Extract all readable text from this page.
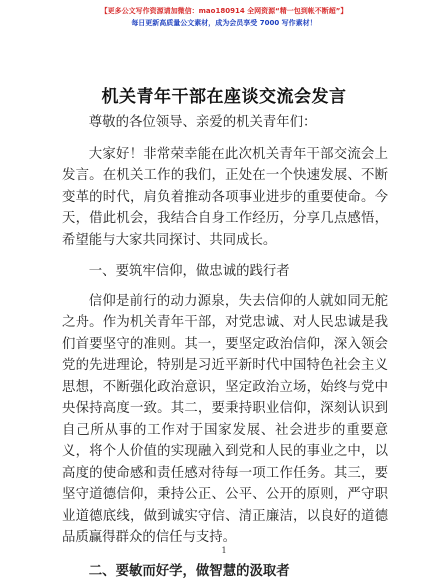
【更多公文写作资源请加微信：mao180914 全网资源“精一包到帐不断超”】
每日更新高质量公文素材，成为会员享受 7000 写作素材！
机关青年干部在座谈交流会发言

尊敬的各位领导、亲爱的机关青年们：

大家好！非常荣幸能在此次机关青年干部交流会上发言。在机关工作的我们，正处在一个快速发展、不断变革的时代，肩负着推动各项事业进步的重要使命。今天，借此机会，我结合自身工作经历，分享几点感悟，希望能与大家共同探讨、共同成长。

一、要筑牢信仰，做忠诚的践行者

信仰是前行的动力源泉，失去信仰的人就如同无舵之舟。作为机关青年干部，对党忠诚、对人民忠诚是我们首要坚守的准则。其一，要坚定政治信仰，深入领会党的先进理论，特别是习近平新时代中国特色社会主义思想，不断强化政治意识，坚定政治立场，始终与党中央保持高度一致。其二，要秉持职业信仰，深刻认识到自己所从事的工作对于国家发展、社会进步的重要意义，将个人价值的实现融入到党和人民的事业之中，以高度的使命感和责任感对待每一项工作任务。其三，要坚守道德信仰，秉持公正、公平、公开的原则，严守职业道德底线，做到诚实守信、清正廉洁，以良好的道德品质赢得群众的信任与支持。

二、要敏而好学，做智慧的汲取者

1
